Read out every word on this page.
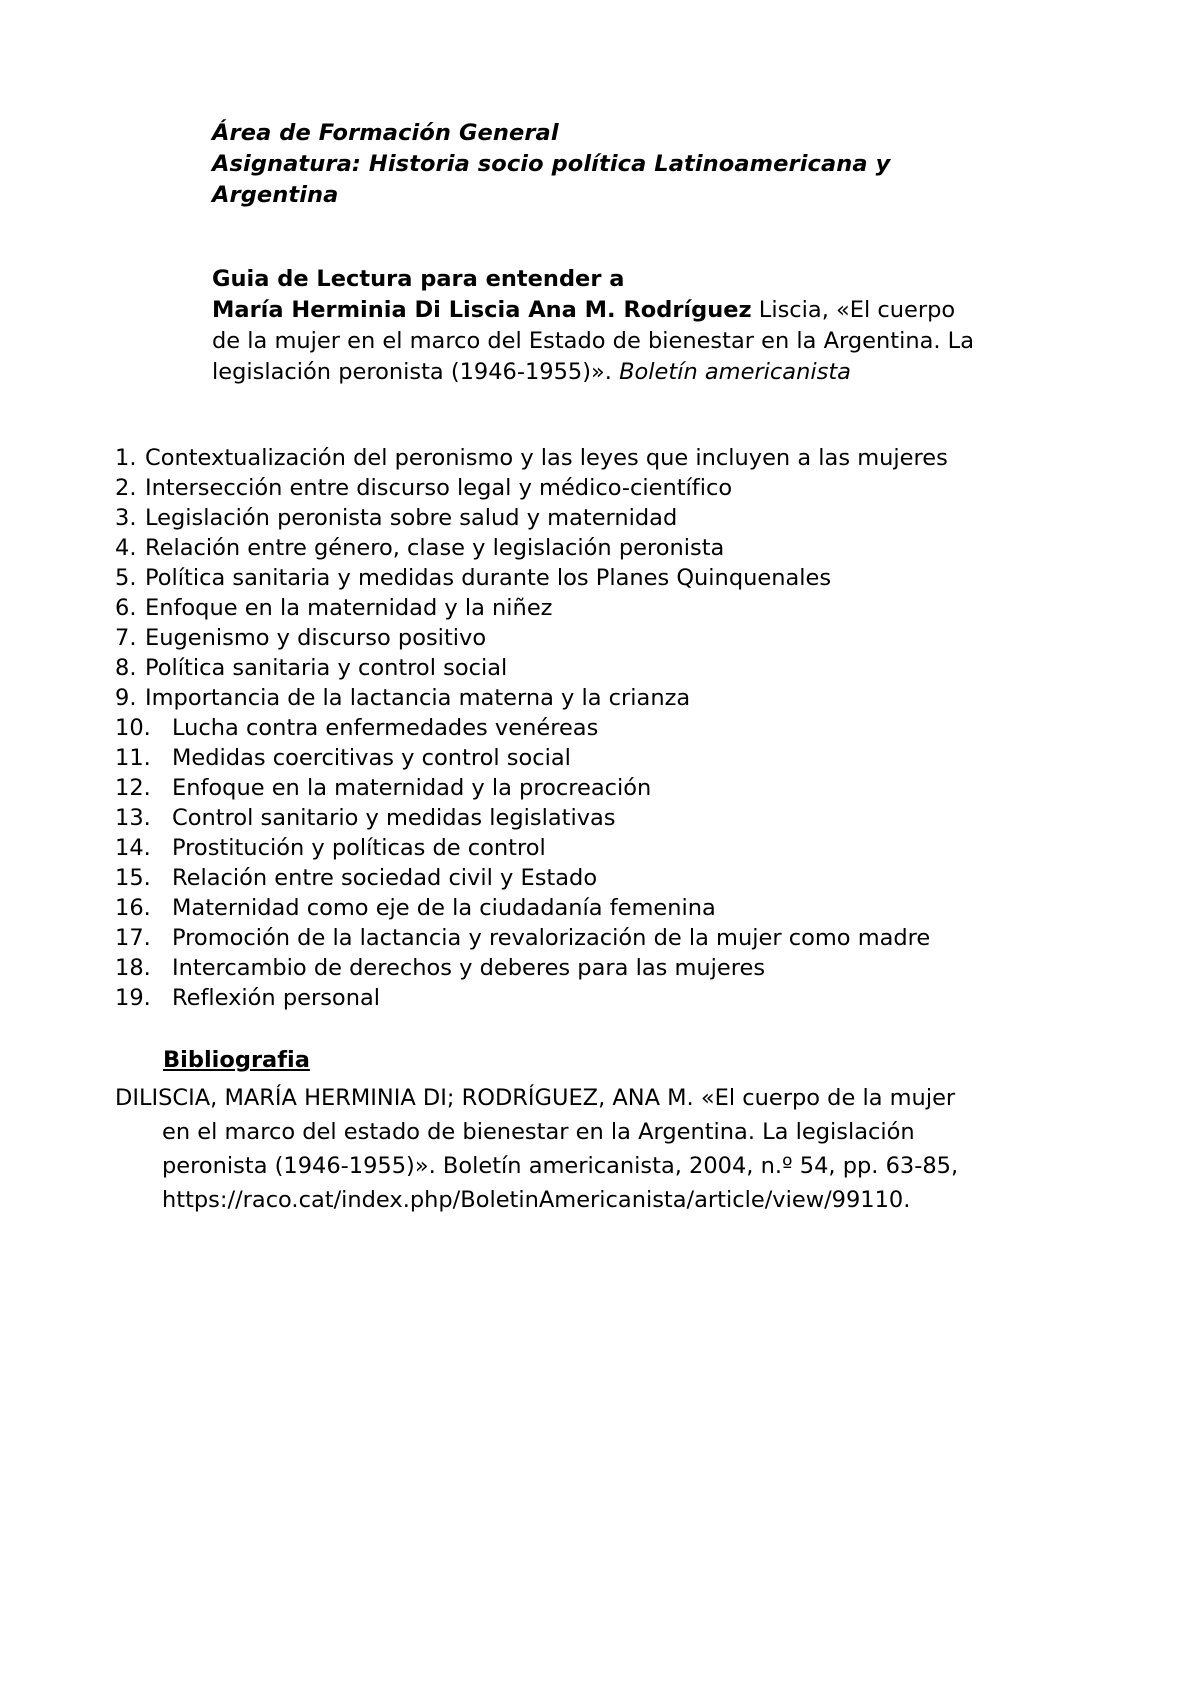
Área de Formación General
Asignatura: Historia socio política Latinoamericana y
Argentina
Guia de Lectura para entender a
María Herminia Di Liscia Ana M. Rodríguez Liscia, «El cuerpo
de la mujer en el marco del Estado de bienestar en la Argentina. La
legislación peronista (1946-1955)». Boletín americanista
1. Contextualización del peronismo y las leyes que incluyen a las mujeres
2. Intersección entre discurso legal y médico-científico
3. Legislación peronista sobre salud y maternidad
4. Relación entre género, clase y legislación peronista
5. Política sanitaria y medidas durante los Planes Quinquenales
6. Enfoque en la maternidad y la niñez
7. Eugenismo y discurso positivo
8. Política sanitaria y control social
9. Importancia de la lactancia materna y la crianza
10. Lucha contra enfermedades venéreas
11. Medidas coercitivas y control social
12. Enfoque en la maternidad y la procreación
13. Control sanitario y medidas legislativas
14. Prostitución y políticas de control
15. Relación entre sociedad civil y Estado
16. Maternidad como eje de la ciudadanía femenina
17. Promoción de la lactancia y revalorización de la mujer como madre
18. Intercambio de derechos y deberes para las mujeres
19. Reflexión personal
Bibliografia
DILISCIA, MARÍA HERMINIA DI; RODRÍGUEZ, ANA M. «El cuerpo de la mujer
en el marco del estado de bienestar en la Argentina. La legislación
peronista (1946-1955)». Boletín americanista, 2004, n.º 54, pp. 63-85,
https://raco.cat/index.php/BoletinAmericanista/article/view/99110.
